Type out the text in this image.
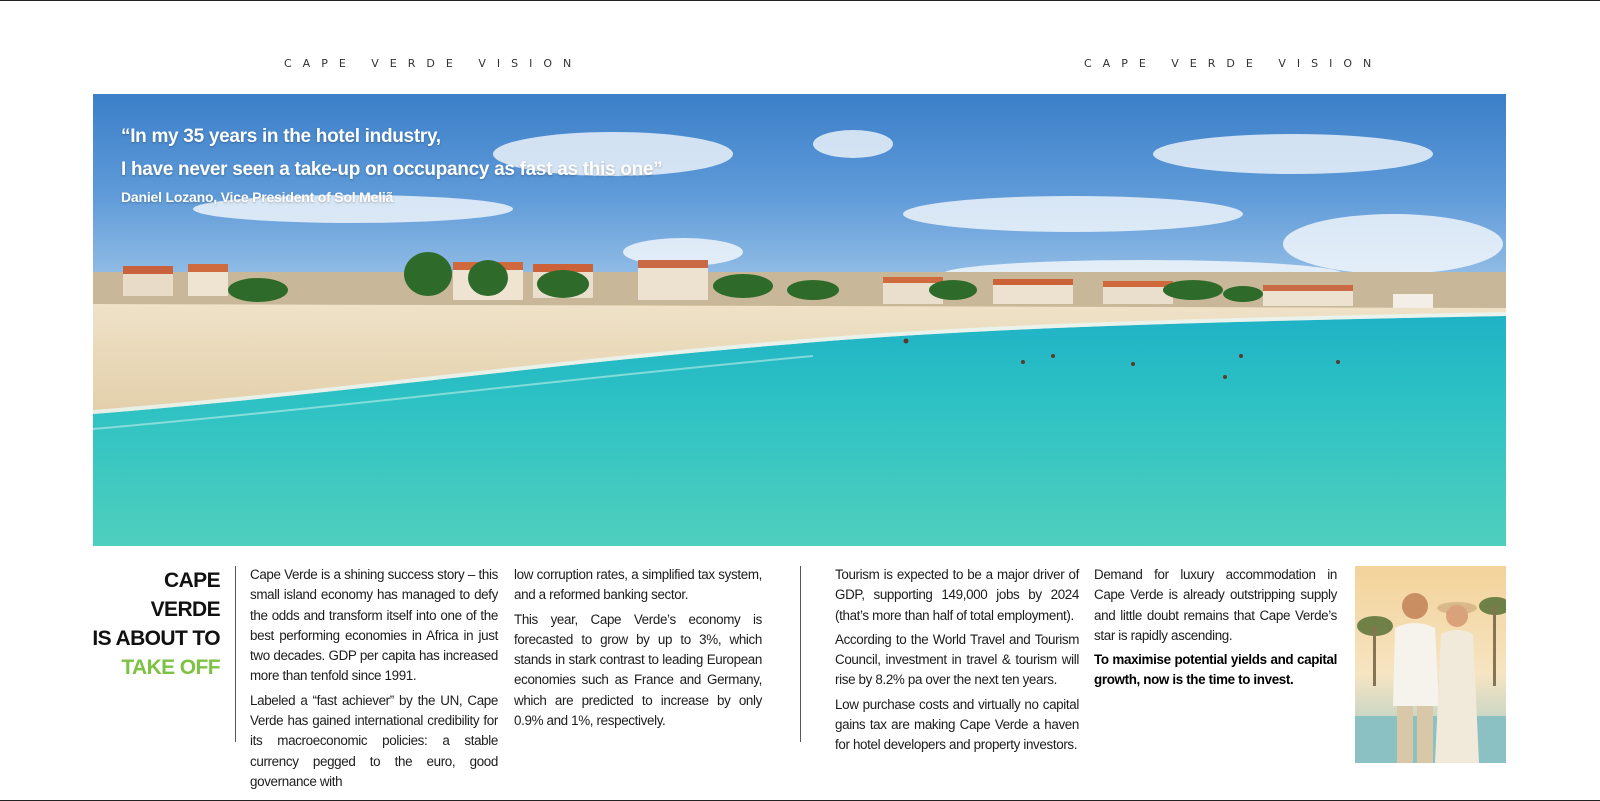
CAPE VERDE VISION	CAPE VERDE VISION
“In my 35 years in the hotel industry,
I have never seen a take-up on occupancy as fast as this one”
Daniel Lozano, Vice President of Sol Meliã
CAPE VERDE
IS ABOUT TO
TAKE OFF

Cape Verde is a shining success story – this small island economy has managed to defy the odds and transform itself into one of the best performing economies in Africa in just two decades. GDP per capita has increased more than tenfold since 1991.

Labeled a “fast achiever” by the UN, Cape Verde has gained international credibility for its macroeconomic policies: a stable currency pegged to the euro, good governance with

low corruption rates, a simplified tax system, and a reformed banking sector.

This year, Cape Verde’s economy is forecasted to grow by up to 3%, which stands in stark contrast to leading European economies such as France and Germany, which are predicted to increase by only 0.9% and 1%, respectively.

Tourism is expected to be a major driver of GDP, supporting 149,000 jobs by 2024 (that’s more than half of total employment).

According to the World Travel and Tourism Council, investment in travel & tourism will rise by 8.2% pa over the next ten years.

Low purchase costs and virtually no capital gains tax are making Cape Verde a haven for hotel developers and property investors.

Demand for luxury accommodation in Cape Verde is already outstripping supply and little doubt remains that Cape Verde’s star is rapidly ascending.

To maximise potential yields and capital growth, now is the time to invest.
